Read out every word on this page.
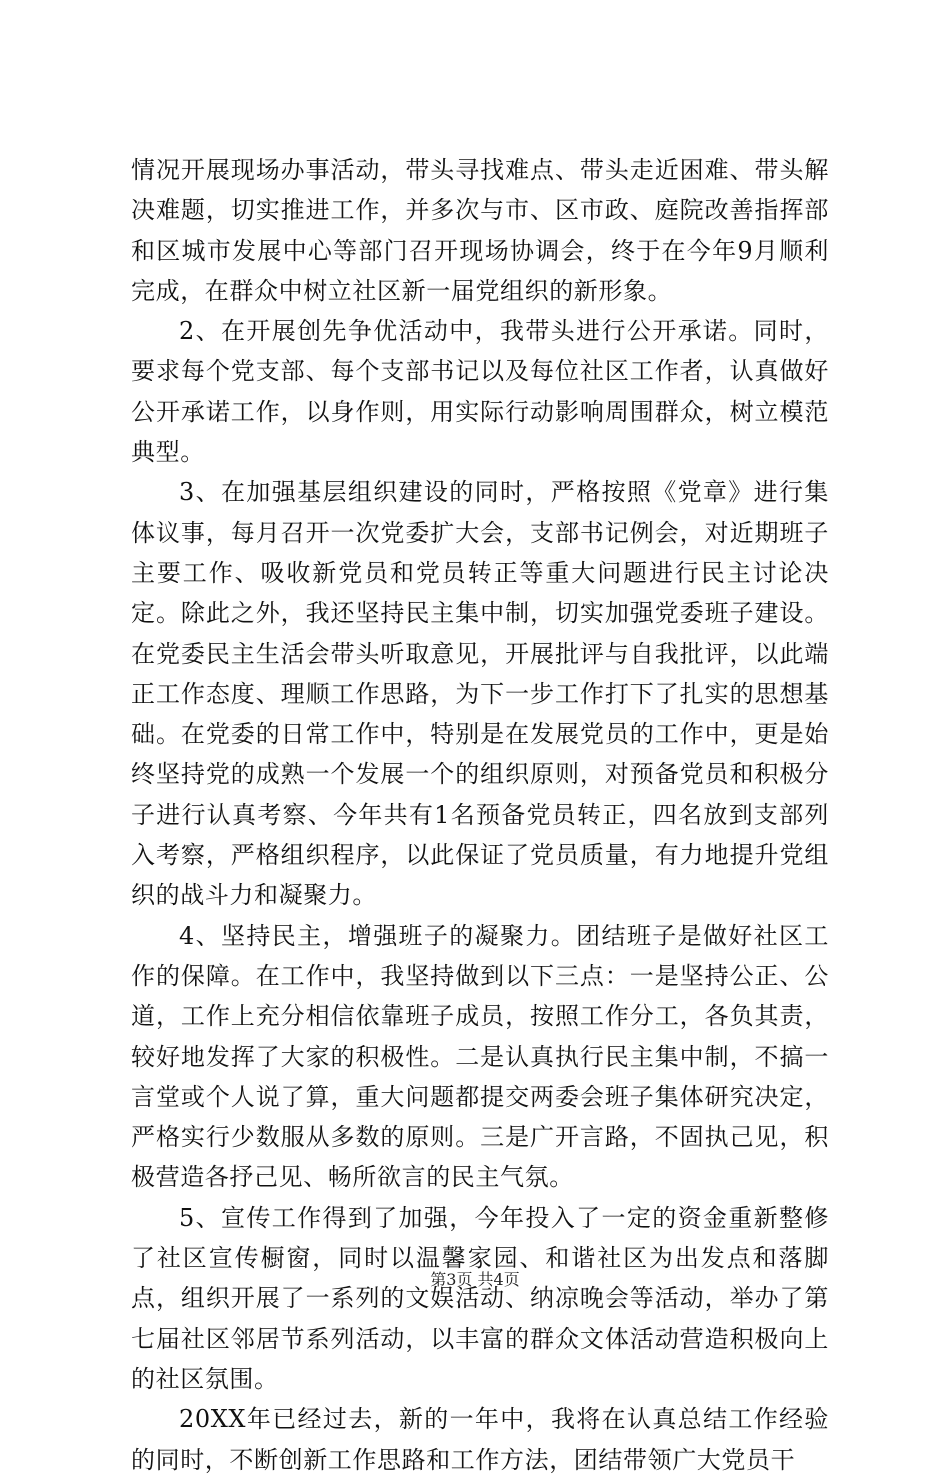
情况开展现场办事活动，带头寻找难点、带头走近困难、带头解决难题，切实推进工作，并多次与市、区市政、庭院改善指挥部和区城市发展中心等部门召开现场协调会，终于在今年9月顺利完成，在群众中树立社区新一届党组织的新形象。

2、在开展创先争优活动中，我带头进行公开承诺。同时，要求每个党支部、每个支部书记以及每位社区工作者，认真做好公开承诺工作，以身作则，用实际行动影响周围群众，树立模范典型。

3、在加强基层组织建设的同时，严格按照《党章》进行集体议事，每月召开一次党委扩大会，支部书记例会，对近期班子主要工作、吸收新党员和党员转正等重大问题进行民主讨论决定。除此之外，我还坚持民主集中制，切实加强党委班子建设。在党委民主生活会带头听取意见，开展批评与自我批评，以此端正工作态度、理顺工作思路，为下一步工作打下了扎实的思想基础。在党委的日常工作中，特别是在发展党员的工作中，更是始终坚持党的成熟一个发展一个的组织原则，对预备党员和积极分子进行认真考察、今年共有1名预备党员转正，四名放到支部列入考察，严格组织程序，以此保证了党员质量，有力地提升党组织的战斗力和凝聚力。

4、坚持民主，增强班子的凝聚力。团结班子是做好社区工作的保障。在工作中，我坚持做到以下三点：一是坚持公正、公道，工作上充分相信依靠班子成员，按照工作分工，各负其责，较好地发挥了大家的积极性。二是认真执行民主集中制，不搞一言堂或个人说了算，重大问题都提交两委会班子集体研究决定，严格实行少数服从多数的原则。三是广开言路，不固执己见，积极营造各抒己见、畅所欲言的民主气氛。

5、宣传工作得到了加强，今年投入了一定的资金重新整修了社区宣传橱窗，同时以温馨家园、和谐社区为出发点和落脚点，组织开展了一系列的文娱活动、纳凉晚会等活动，举办了第七届社区邻居节系列活动，以丰富的群众文体活动营造积极向上的社区氛围。

20XX年已经过去，新的一年中，我将在认真总结工作经验的同时，不断创新工作思路和工作方法，团结带领广大党员干

第3页 共4页
